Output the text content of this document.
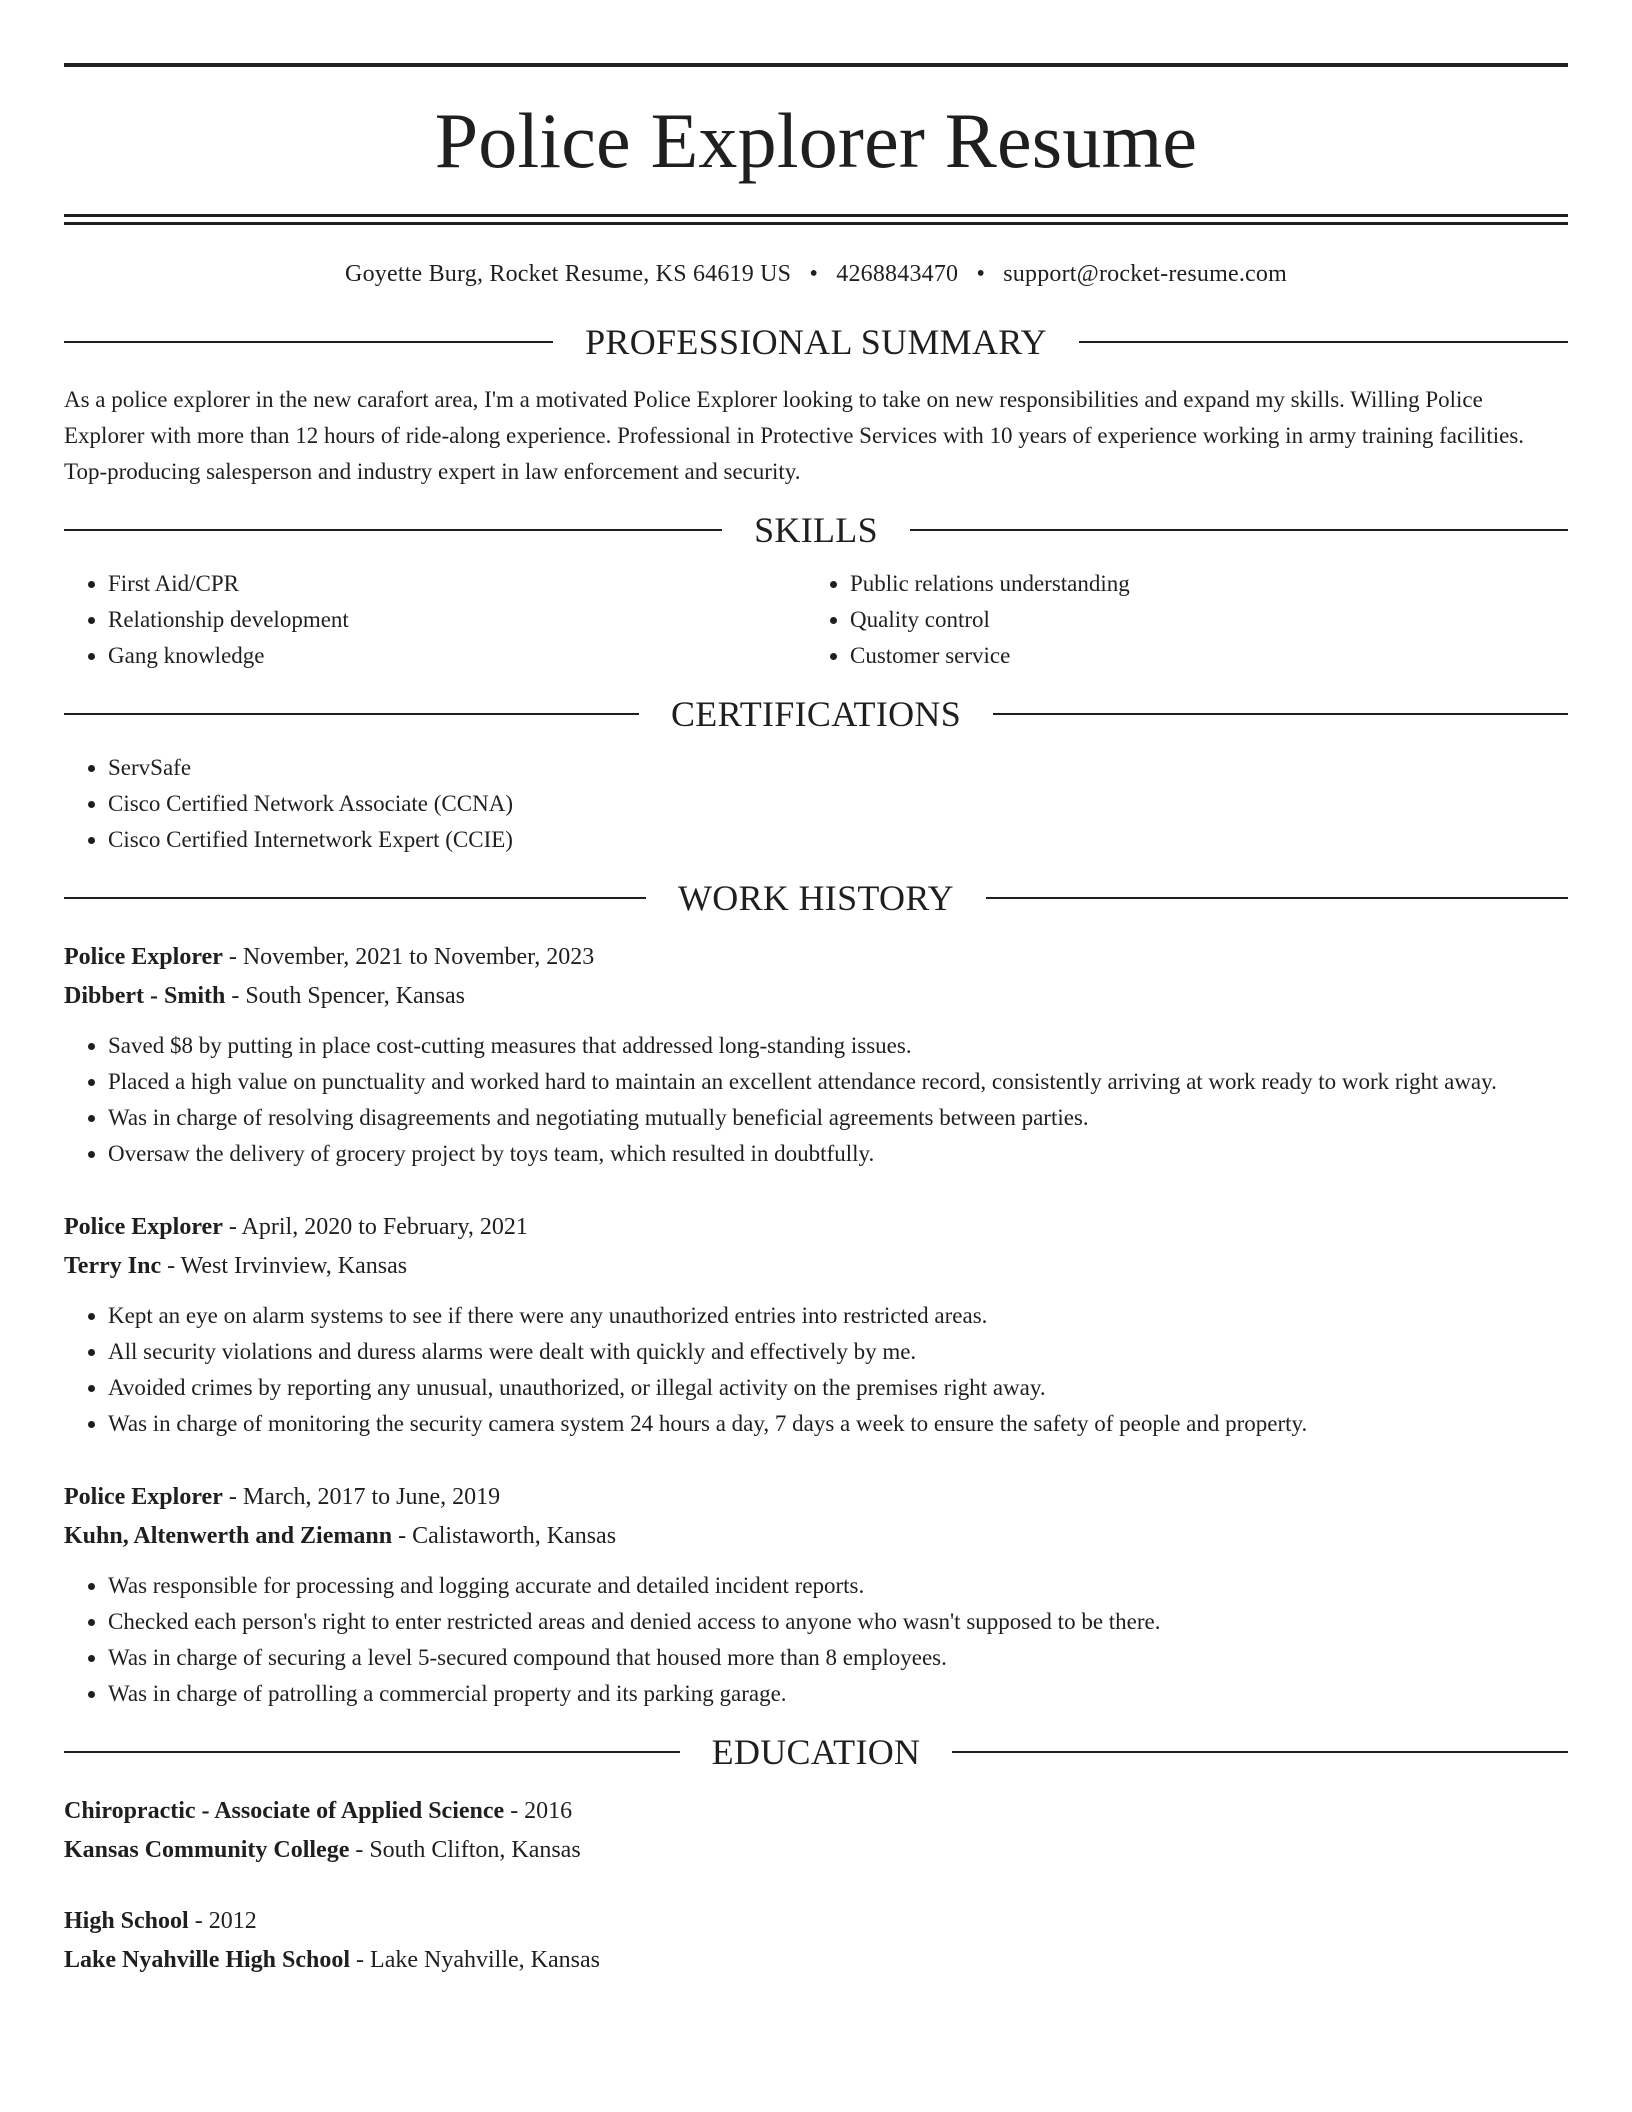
Police Explorer Resume
Goyette Burg, Rocket Resume, KS 64619 US • 4268843470 • support@rocket-resume.com
PROFESSIONAL SUMMARY
As a police explorer in the new carafort area, I'm a motivated Police Explorer looking to take on new responsibilities and expand my skills. Willing Police Explorer with more than 12 hours of ride-along experience. Professional in Protective Services with 10 years of experience working in army training facilities. Top-producing salesperson and industry expert in law enforcement and security.
SKILLS
• First Aid/CPR
• Relationship development
• Gang knowledge
• Public relations understanding
• Quality control
• Customer service
CERTIFICATIONS
• ServSafe
• Cisco Certified Network Associate (CCNA)
• Cisco Certified Internetwork Expert (CCIE)
WORK HISTORY
Police Explorer - November, 2021 to November, 2023
Dibbert - Smith - South Spencer, Kansas
• Saved $8 by putting in place cost-cutting measures that addressed long-standing issues.
• Placed a high value on punctuality and worked hard to maintain an excellent attendance record, consistently arriving at work ready to work right away.
• Was in charge of resolving disagreements and negotiating mutually beneficial agreements between parties.
• Oversaw the delivery of grocery project by toys team, which resulted in doubtfully.
Police Explorer - April, 2020 to February, 2021
Terry Inc - West Irvinview, Kansas
• Kept an eye on alarm systems to see if there were any unauthorized entries into restricted areas.
• All security violations and duress alarms were dealt with quickly and effectively by me.
• Avoided crimes by reporting any unusual, unauthorized, or illegal activity on the premises right away.
• Was in charge of monitoring the security camera system 24 hours a day, 7 days a week to ensure the safety of people and property.
Police Explorer - March, 2017 to June, 2019
Kuhn, Altenwerth and Ziemann - Calistaworth, Kansas
• Was responsible for processing and logging accurate and detailed incident reports.
• Checked each person's right to enter restricted areas and denied access to anyone who wasn't supposed to be there.
• Was in charge of securing a level 5-secured compound that housed more than 8 employees.
• Was in charge of patrolling a commercial property and its parking garage.
EDUCATION
Chiropractic - Associate of Applied Science - 2016
Kansas Community College - South Clifton, Kansas
High School - 2012
Lake Nyahville High School - Lake Nyahville, Kansas
